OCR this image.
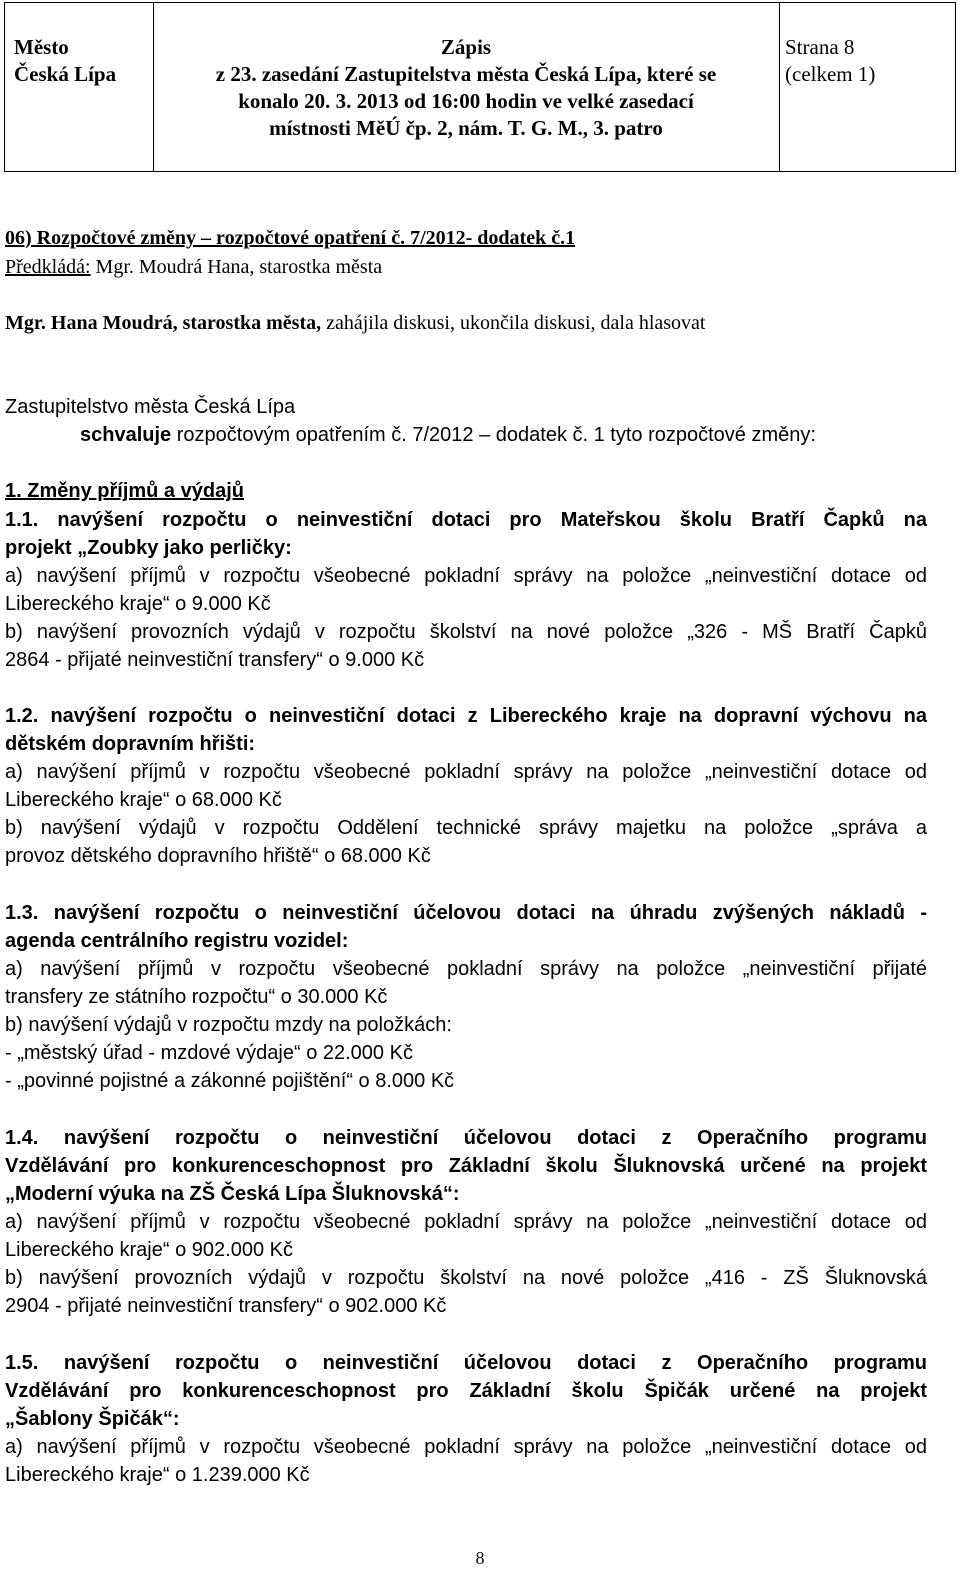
Město
Česká Lípa
Zápis
z 23. zasedání Zastupitelstva města Česká Lípa, které se
konalo 20. 3. 2013 od 16:00 hodin ve velké zasedací
místnosti MěÚ čp. 2, nám. T. G. M., 3. patro
Strana 8
(celkem 1)
06) Rozpočtové změny – rozpočtové opatření č. 7/2012- dodatek č.1
Předkládá: Mgr. Moudrá Hana, starostka města
Mgr. Hana Moudrá, starostka města, zahájila diskusi, ukončila diskusi, dala hlasovat
Zastupitelstvo města Česká Lípa
schvaluje rozpočtovým opatřením č. 7/2012 – dodatek č. 1 tyto rozpočtové změny:
1. Změny příjmů a výdajů
1.1. navýšení rozpočtu o neinvestiční dotaci pro Mateřskou školu Bratří Čapků na
projekt „Zoubky jako perličky:
a) navýšení příjmů v rozpočtu všeobecné pokladní správy na položce „neinvestiční dotace od
Libereckého kraje“ o 9.000 Kč
b) navýšení provozních výdajů v rozpočtu školství na nové položce „326 - MŠ Bratří Čapků
2864 - přijaté neinvestiční transfery“ o 9.000 Kč
1.2. navýšení rozpočtu o neinvestiční dotaci z Libereckého kraje na dopravní výchovu na
dětském dopravním hřišti:
a) navýšení příjmů v rozpočtu všeobecné pokladní správy na položce „neinvestiční dotace od
Libereckého kraje“ o 68.000 Kč
b) navýšení výdajů v rozpočtu Oddělení technické správy majetku na položce „správa a
provoz dětského dopravního hřiště“ o 68.000 Kč
1.3. navýšení rozpočtu o neinvestiční účelovou dotaci na úhradu zvýšených nákladů -
agenda centrálního registru vozidel:
a) navýšení příjmů v rozpočtu všeobecné pokladní správy na položce „neinvestiční přijaté
transfery ze státního rozpočtu“ o 30.000 Kč
b) navýšení výdajů v rozpočtu mzdy na položkách:
- „městský úřad - mzdové výdaje“ o 22.000 Kč
- „povinné pojistné a zákonné pojištění“ o 8.000 Kč
1.4. navýšení rozpočtu o neinvestiční účelovou dotaci z Operačního programu
Vzdělávání pro konkurenceschopnost pro Základní školu Šluknovská určené na projekt
„Moderní výuka na ZŠ Česká Lípa Šluknovská“:
a) navýšení příjmů v rozpočtu všeobecné pokladní správy na položce „neinvestiční dotace od
Libereckého kraje“ o 902.000 Kč
b) navýšení provozních výdajů v rozpočtu školství na nové položce „416 - ZŠ Šluknovská
2904 - přijaté neinvestiční transfery“ o 902.000 Kč
1.5. navýšení rozpočtu o neinvestiční účelovou dotaci z Operačního programu
Vzdělávání pro konkurenceschopnost pro Základní školu Špičák určené na projekt
„Šablony Špičák“:
a) navýšení příjmů v rozpočtu všeobecné pokladní správy na položce „neinvestiční dotace od
Libereckého kraje“ o 1.239.000 Kč
8
